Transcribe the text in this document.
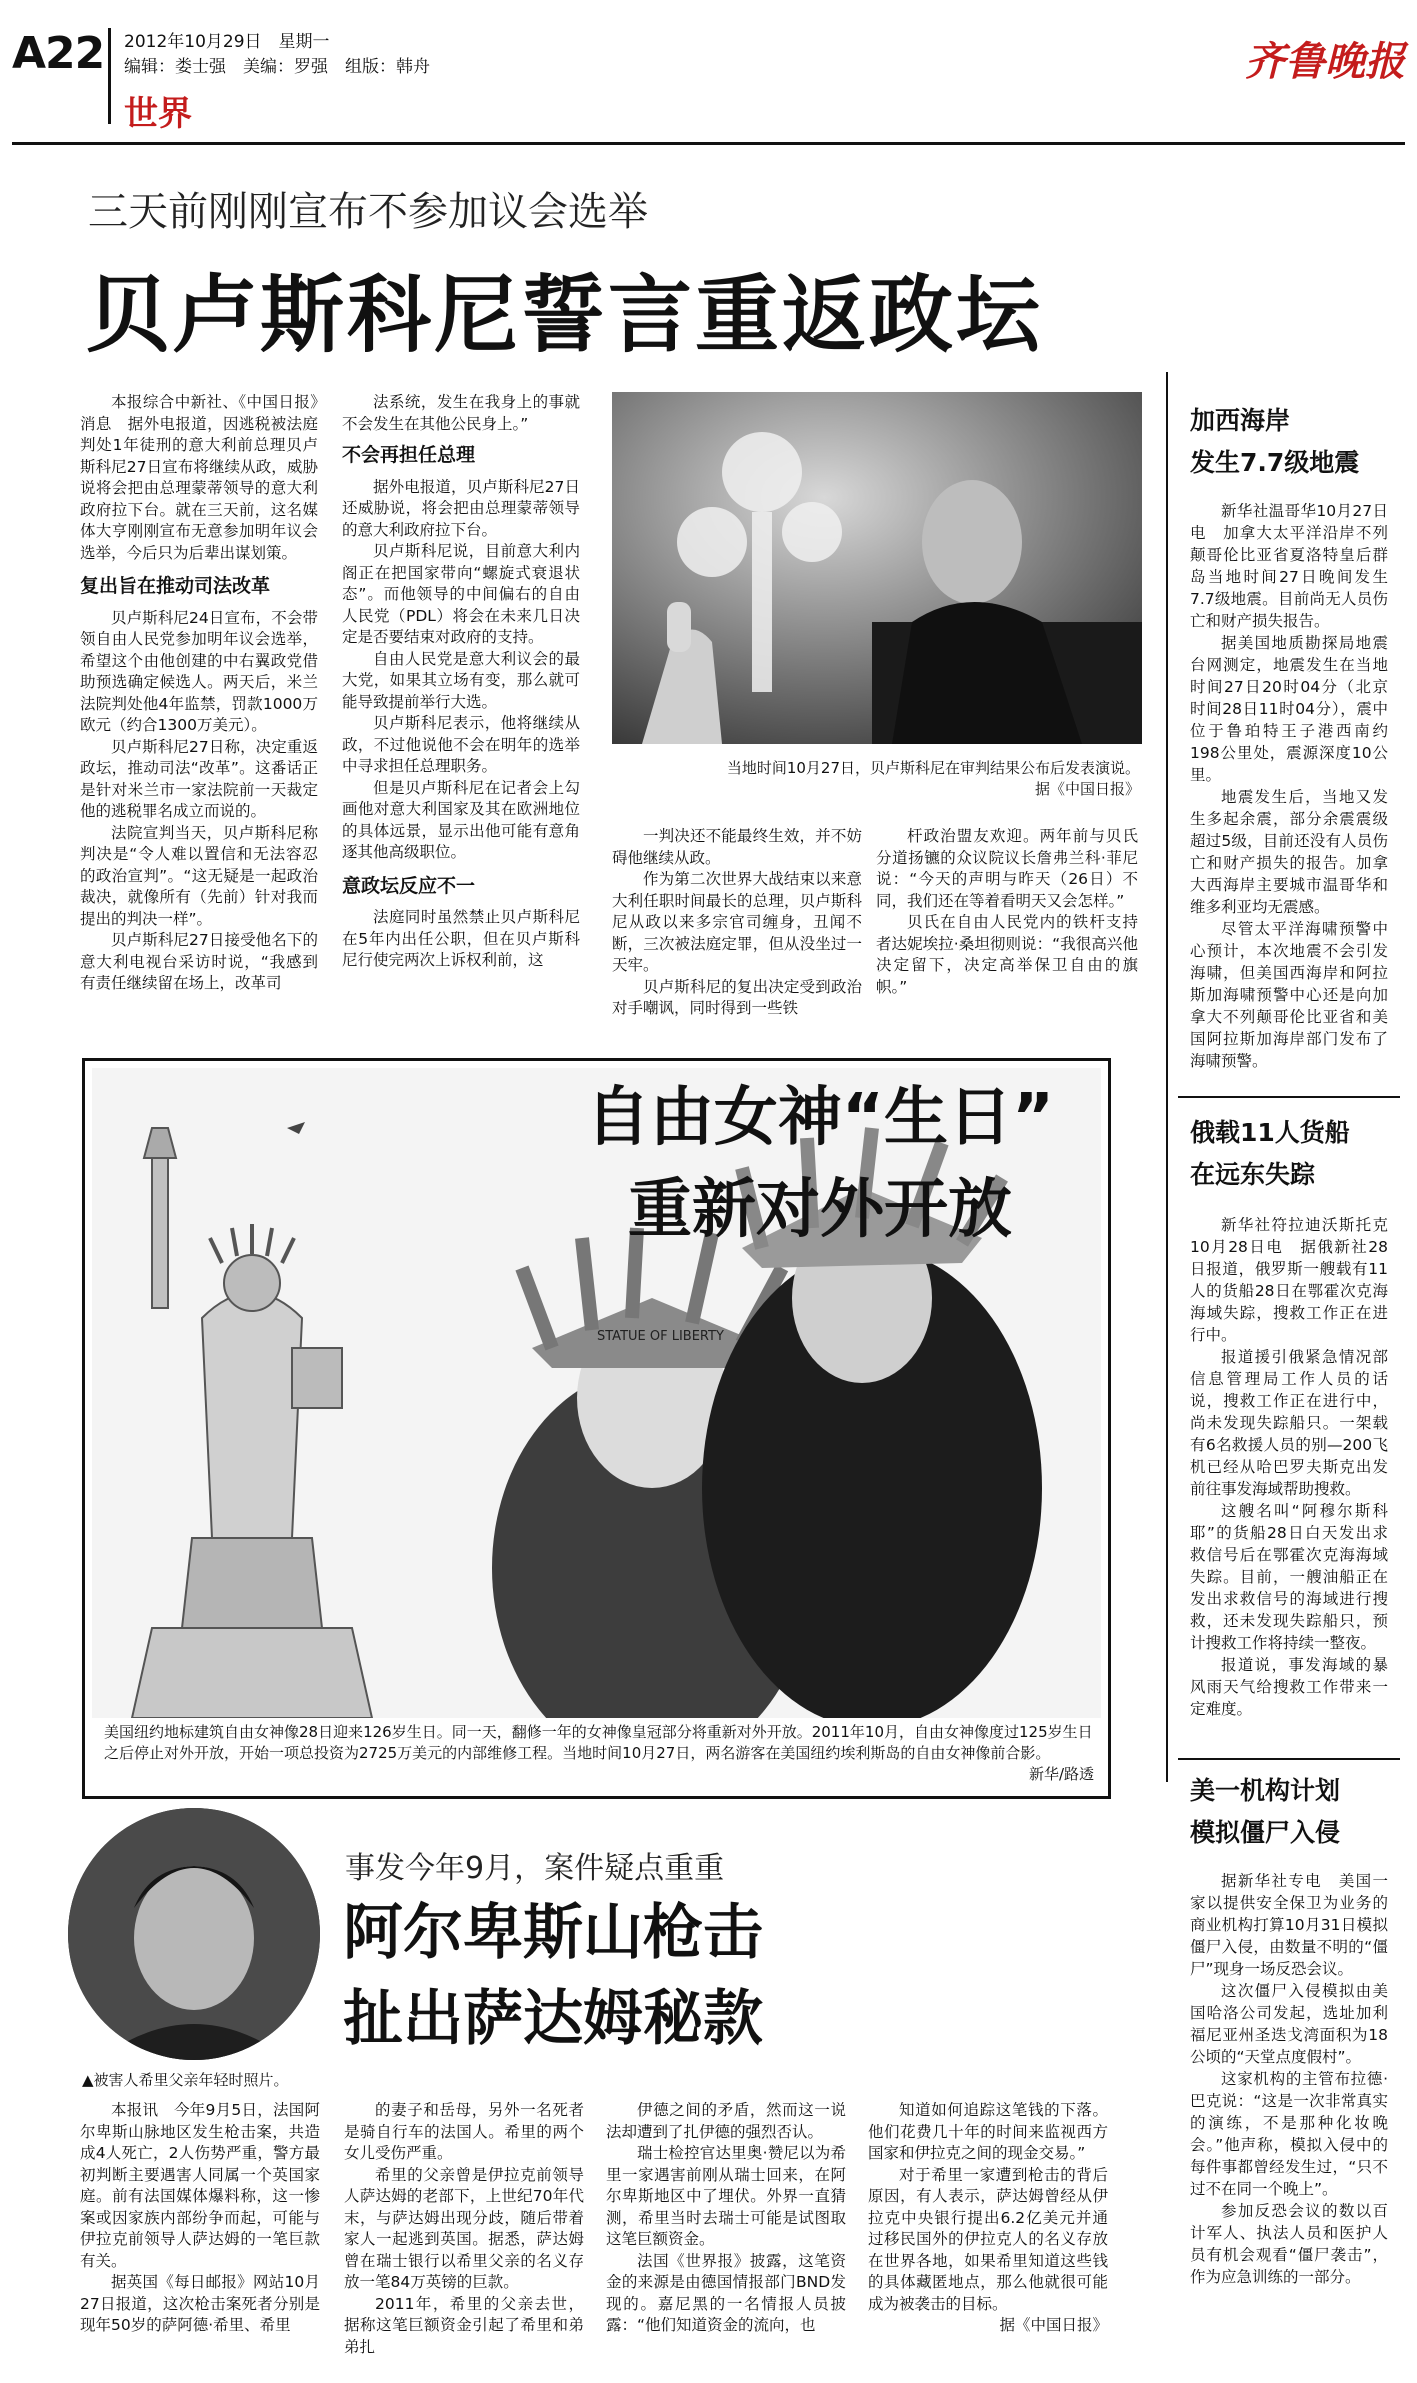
A22 2012年10月29日　星期一
编辑：娄士强　美编：罗强　组版：韩舟
世界
齐鲁晚报
三天前刚刚宣布不参加议会选举
贝卢斯科尼誓言重返政坛

本报综合中新社、《中国日报》消息　据外电报道，因逃税被法庭判处1年徒刑的意大利前总理贝卢斯科尼27日宣布将继续从政，威胁说将会把由总理蒙蒂领导的意大利政府拉下台。就在三天前，这名媒体大亨刚刚宣布无意参加明年议会选举，今后只为后辈出谋划策。

复出旨在推动司法改革

贝卢斯科尼24日宣布，不会带领自由人民党参加明年议会选举，希望这个由他创建的中右翼政党借助预选确定候选人。两天后，米兰法院判处他4年监禁，罚款1000万欧元（约合1300万美元）。

贝卢斯科尼27日称，决定重返政坛，推动司法“改革”。这番话正是针对米兰市一家法院前一天裁定他的逃税罪名成立而说的。

法院宣判当天，贝卢斯科尼称判决是“令人难以置信和无法容忍的政治宣判”。“这无疑是一起政治裁决，就像所有（先前）针对我而提出的判决一样”。

贝卢斯科尼27日接受他名下的意大利电视台采访时说，“我感到有责任继续留在场上，改革司

法系统，发生在我身上的事就不会发生在其他公民身上。”

不会再担任总理

据外电报道，贝卢斯科尼27日还威胁说，将会把由总理蒙蒂领导的意大利政府拉下台。

贝卢斯科尼说，目前意大利内阁正在把国家带向“螺旋式衰退状态”。而他领导的中间偏右的自由人民党（PDL）将会在未来几日决定是否要结束对政府的支持。

自由人民党是意大利议会的最大党，如果其立场有变，那么就可能导致提前举行大选。

贝卢斯科尼表示，他将继续从政，不过他说他不会在明年的选举中寻求担任总理职务。

但是贝卢斯科尼在记者会上勾画他对意大利国家及其在欧洲地位的具体远景，显示出他可能有意角逐其他高级职位。

意政坛反应不一

法庭同时虽然禁止贝卢斯科尼在5年内出任公职，但在贝卢斯科尼行使完两次上诉权利前，这

当地时间10月27日，贝卢斯科尼在审判结果公布后发表演说。
据《中国日报》

一判决还不能最终生效，并不妨碍他继续从政。

作为第二次世界大战结束以来意大利任职时间最长的总理，贝卢斯科尼从政以来多宗官司缠身，丑闻不断，三次被法庭定罪，但从没坐过一天牢。

贝卢斯科尼的复出决定受到政治对手嘲讽，同时得到一些铁

杆政治盟友欢迎。两年前与贝氏分道扬镳的众议院议长詹弗兰科·菲尼说：“今天的声明与昨天（26日）不同，我们还在等着看明天又会怎样。”

贝氏在自由人民党内的铁杆支持者达妮埃拉·桑坦彻则说：“我很高兴他决定留下，决定高举保卫自由的旗帜。”

STATUE OF LIBERTY
自由女神“生日”
重新对外开放
美国纽约地标建筑自由女神像28日迎来126岁生日。同一天，翻修一年的女神像皇冠部分将重新对外开放。2011年10月，自由女神像度过125岁生日之后停止对外开放，开始一项总投资为2725万美元的内部维修工程。当地时间10月27日，两名游客在美国纽约埃利斯岛的自由女神像前合影。
新华/路透
加西海岸
发生7.7级地震

新华社温哥华10月27日电　加拿大太平洋沿岸不列颠哥伦比亚省夏洛特皇后群岛当地时间27日晚间发生7.7级地震。目前尚无人员伤亡和财产损失报告。

据美国地质勘探局地震台网测定，地震发生在当地时间27日20时04分（北京时间28日11时04分），震中位于鲁珀特王子港西南约198公里处，震源深度10公里。

地震发生后，当地又发生多起余震，部分余震震级超过5级，目前还没有人员伤亡和财产损失的报告。加拿大西海岸主要城市温哥华和维多利亚均无震感。

尽管太平洋海啸预警中心预计，本次地震不会引发海啸，但美国西海岸和阿拉斯加海啸预警中心还是向加拿大不列颠哥伦比亚省和美国阿拉斯加海岸部门发布了海啸预警。

俄载11人货船
在远东失踪

新华社符拉迪沃斯托克10月28日电　据俄新社28日报道，俄罗斯一艘载有11人的货船28日在鄂霍次克海海域失踪，搜救工作正在进行中。

报道援引俄紧急情况部信息管理局工作人员的话说，搜救工作正在进行中，尚未发现失踪船只。一架载有6名救援人员的别—200飞机已经从哈巴罗夫斯克出发前往事发海域帮助搜救。

这艘名叫“阿穆尔斯科耶”的货船28日白天发出求救信号后在鄂霍次克海海域失踪。目前，一艘油船正在发出求救信号的海域进行搜救，还未发现失踪船只，预计搜救工作将持续一整夜。

报道说，事发海域的暴风雨天气给搜救工作带来一定难度。

美一机构计划
模拟僵尸入侵

据新华社专电　美国一家以提供安全保卫为业务的商业机构打算10月31日模拟僵尸入侵，由数量不明的“僵尸”现身一场反恐会议。

这次僵尸入侵模拟由美国哈洛公司发起，选址加利福尼亚州圣迭戈湾面积为18公顷的“天堂点度假村”。

这家机构的主管布拉德·巴克说：“这是一次非常真实的演练，不是那种化妆晚会。”他声称，模拟入侵中的每件事都曾经发生过，“只不过不在同一个晚上”。

参加反恐会议的数以百计军人、执法人员和医护人员有机会观看“僵尸袭击”，作为应急训练的一部分。

▲被害人希里父亲年轻时照片。
事发今年9月，案件疑点重重
阿尔卑斯山枪击
扯出萨达姆秘款

本报讯　今年9月5日，法国阿尔卑斯山脉地区发生枪击案，共造成4人死亡，2人伤势严重，警方最初判断主要遇害人同属一个英国家庭。前有法国媒体爆料称，这一惨案或因家族内部纷争而起，可能与伊拉克前领导人萨达姆的一笔巨款有关。

据英国《每日邮报》网站10月27日报道，这次枪击案死者分别是现年50岁的萨阿德·希里、希里

的妻子和岳母，另外一名死者是骑自行车的法国人。希里的两个女儿受伤严重。

希里的父亲曾是伊拉克前领导人萨达姆的老部下，上世纪70年代末，与萨达姆出现分歧，随后带着家人一起逃到英国。据悉，萨达姆曾在瑞士银行以希里父亲的名义存放一笔84万英镑的巨款。

2011年，希里的父亲去世，据称这笔巨额资金引起了希里和弟弟扎

伊德之间的矛盾，然而这一说法却遭到了扎伊德的强烈否认。

瑞士检控官达里奥·赞尼以为希里一家遇害前刚从瑞士回来，在阿尔卑斯地区中了埋伏。外界一直猜测，希里当时去瑞士可能是试图取这笔巨额资金。

法国《世界报》披露，这笔资金的来源是由德国情报部门BND发现的。嘉尼黑的一名情报人员披露：“他们知道资金的流向，也

知道如何追踪这笔钱的下落。他们花费几十年的时间来监视西方国家和伊拉克之间的现金交易。”

对于希里一家遭到枪击的背后原因，有人表示，萨达姆曾经从伊拉克中央银行提出6.2亿美元并通过移民国外的伊拉克人的名义存放在世界各地，如果希里知道这些钱的具体藏匿地点，那么他就很可能成为被袭击的目标。

据《中国日报》
